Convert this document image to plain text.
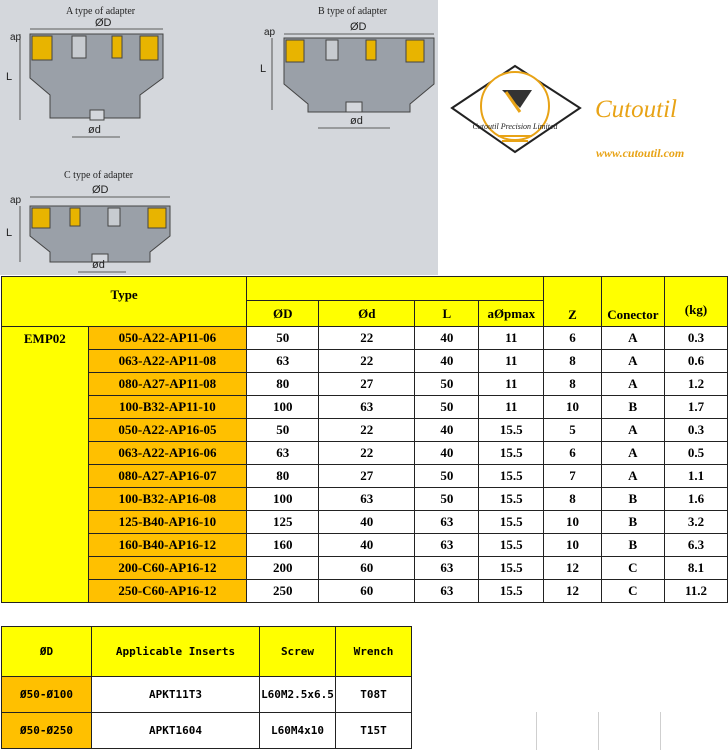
A type of adapter
ØD
ap
L
ød
B type of adapter
ØD
ap
L
ød
C type of adapter
ØD
ap
L
ød
Cutoutil Precision Limited
Cutoutil
www.cutoutil.com
Type						Z	Conector	(kg)
		ØD	Ød	L	aØpmax			
EMP02	050-A22-AP11-06	50	22	40	11	6	A	0.3
	063-A22-AP11-08	63	22	40	11	8	A	0.6
	080-A27-AP11-08	80	27	50	11	8	A	1.2
	100-B32-AP11-10	100	63	50	11	10	B	1.7
	050-A22-AP16-05	50	22	40	15.5	5	A	0.3
	063-A22-AP16-06	63	22	40	15.5	6	A	0.5
	080-A27-AP16-07	80	27	50	15.5	7	A	1.1
	100-B32-AP16-08	100	63	50	15.5	8	B	1.6
	125-B40-AP16-10	125	40	63	15.5	10	B	3.2
	160-B40-AP16-12	160	40	63	15.5	10	B	6.3
	200-C60-AP16-12	200	60	63	15.5	12	C	8.1
	250-C60-AP16-12	250	60	63	15.5	12	C	11.2
ØD	Applicable Inserts	Screw	Wrench
Ø50-Ø100	APKT11T3	L60M2.5x6.5	T08T
Ø50-Ø250	APKT1604	L60M4x10	T15T
